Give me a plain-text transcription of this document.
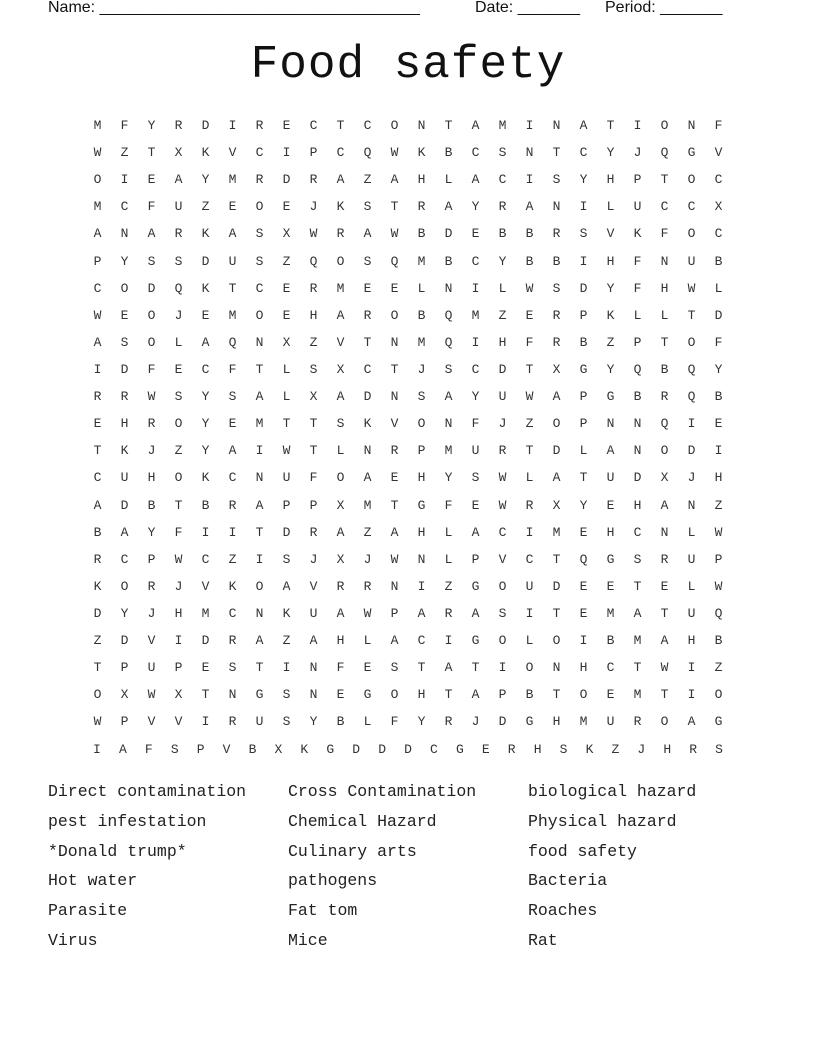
Name: ____________________________________

	Date: _______

Period: _______

Food safety
M	F	Y	R	D	I	R	E	C	T	C	O	N	T	A	M	I	N	A	T	I	O	N	F
W	Z	T	X	K	V	C	I	P	C	Q	W	K	B	C	S	N	T	C	Y	J	Q	G	V
O	I	E	A	Y	M	R	D	R	A	Z	A	H	L	A	C	I	S	Y	H	P	T	O	C
M	C	F	U	Z	E	O	E	J	K	S	T	R	A	Y	R	A	N	I	L	U	C	C	X
A	N	A	R	K	A	S	X	W	R	A	W	B	D	E	B	B	R	S	V	K	F	O	C
P	Y	S	S	D	U	S	Z	Q	O	S	Q	M	B	C	Y	B	B	I	H	F	N	U	B
C	O	D	Q	K	T	C	E	R	M	E	E	L	N	I	L	W	S	D	Y	F	H	W	L
W	E	O	J	E	M	O	E	H	A	R	O	B	Q	M	Z	E	R	P	K	L	L	T	D
A	S	O	L	A	Q	N	X	Z	V	T	N	M	Q	I	H	F	R	B	Z	P	T	O	F
I	D	F	E	C	F	T	L	S	X	C	T	J	S	C	D	T	X	G	Y	Q	B	Q	Y
R	R	W	S	Y	S	A	L	X	A	D	N	S	A	Y	U	W	A	P	G	B	R	Q	B
E	H	R	O	Y	E	M	T	T	S	K	V	O	N	F	J	Z	O	P	N	N	Q	I	E
T	K	J	Z	Y	A	I	W	T	L	N	R	P	M	U	R	T	D	L	A	N	O	D	I
C	U	H	O	K	C	N	U	F	O	A	E	H	Y	S	W	L	A	T	U	D	X	J	H
A	D	B	T	B	R	A	P	P	X	M	T	G	F	E	W	R	X	Y	E	H	A	N	Z
B	A	Y	F	I	I	T	D	R	A	Z	A	H	L	A	C	I	M	E	H	C	N	L	W
R	C	P	W	C	Z	I	S	J	X	J	W	N	L	P	V	C	T	Q	G	S	R	U	P
K	O	R	J	V	K	O	A	V	R	R	N	I	Z	G	O	U	D	E	E	T	E	L	W
D	Y	J	H	M	C	N	K	U	A	W	P	A	R	A	S	I	T	E	M	A	T	U	Q
Z	D	V	I	D	R	A	Z	A	H	L	A	C	I	G	O	L	O	I	B	M	A	H	B
T	P	U	P	E	S	T	I	N	F	E	S	T	A	T	I	O	N	H	C	T	W	I	Z
O	X	W	X	T	N	G	S	N	E	G	O	H	T	A	P	B	T	O	E	M	T	I	O
W	P	V	V	I	R	U	S	Y	B	L	F	Y	R	J	D	G	H	M	U	R	O	A	G
I	A	F	S	P	V	B	X	K	G	D	D	D	C	G	E	R	H	S	K	Z	J	H	R	S
Direct contamination	Cross Contamination	biological hazard
pest infestation	Chemical Hazard	Physical hazard
*Donald trump*	Culinary arts	food safety
Hot water	pathogens	Bacteria
Parasite	Fat tom	Roaches
Virus	Mice	Rat
